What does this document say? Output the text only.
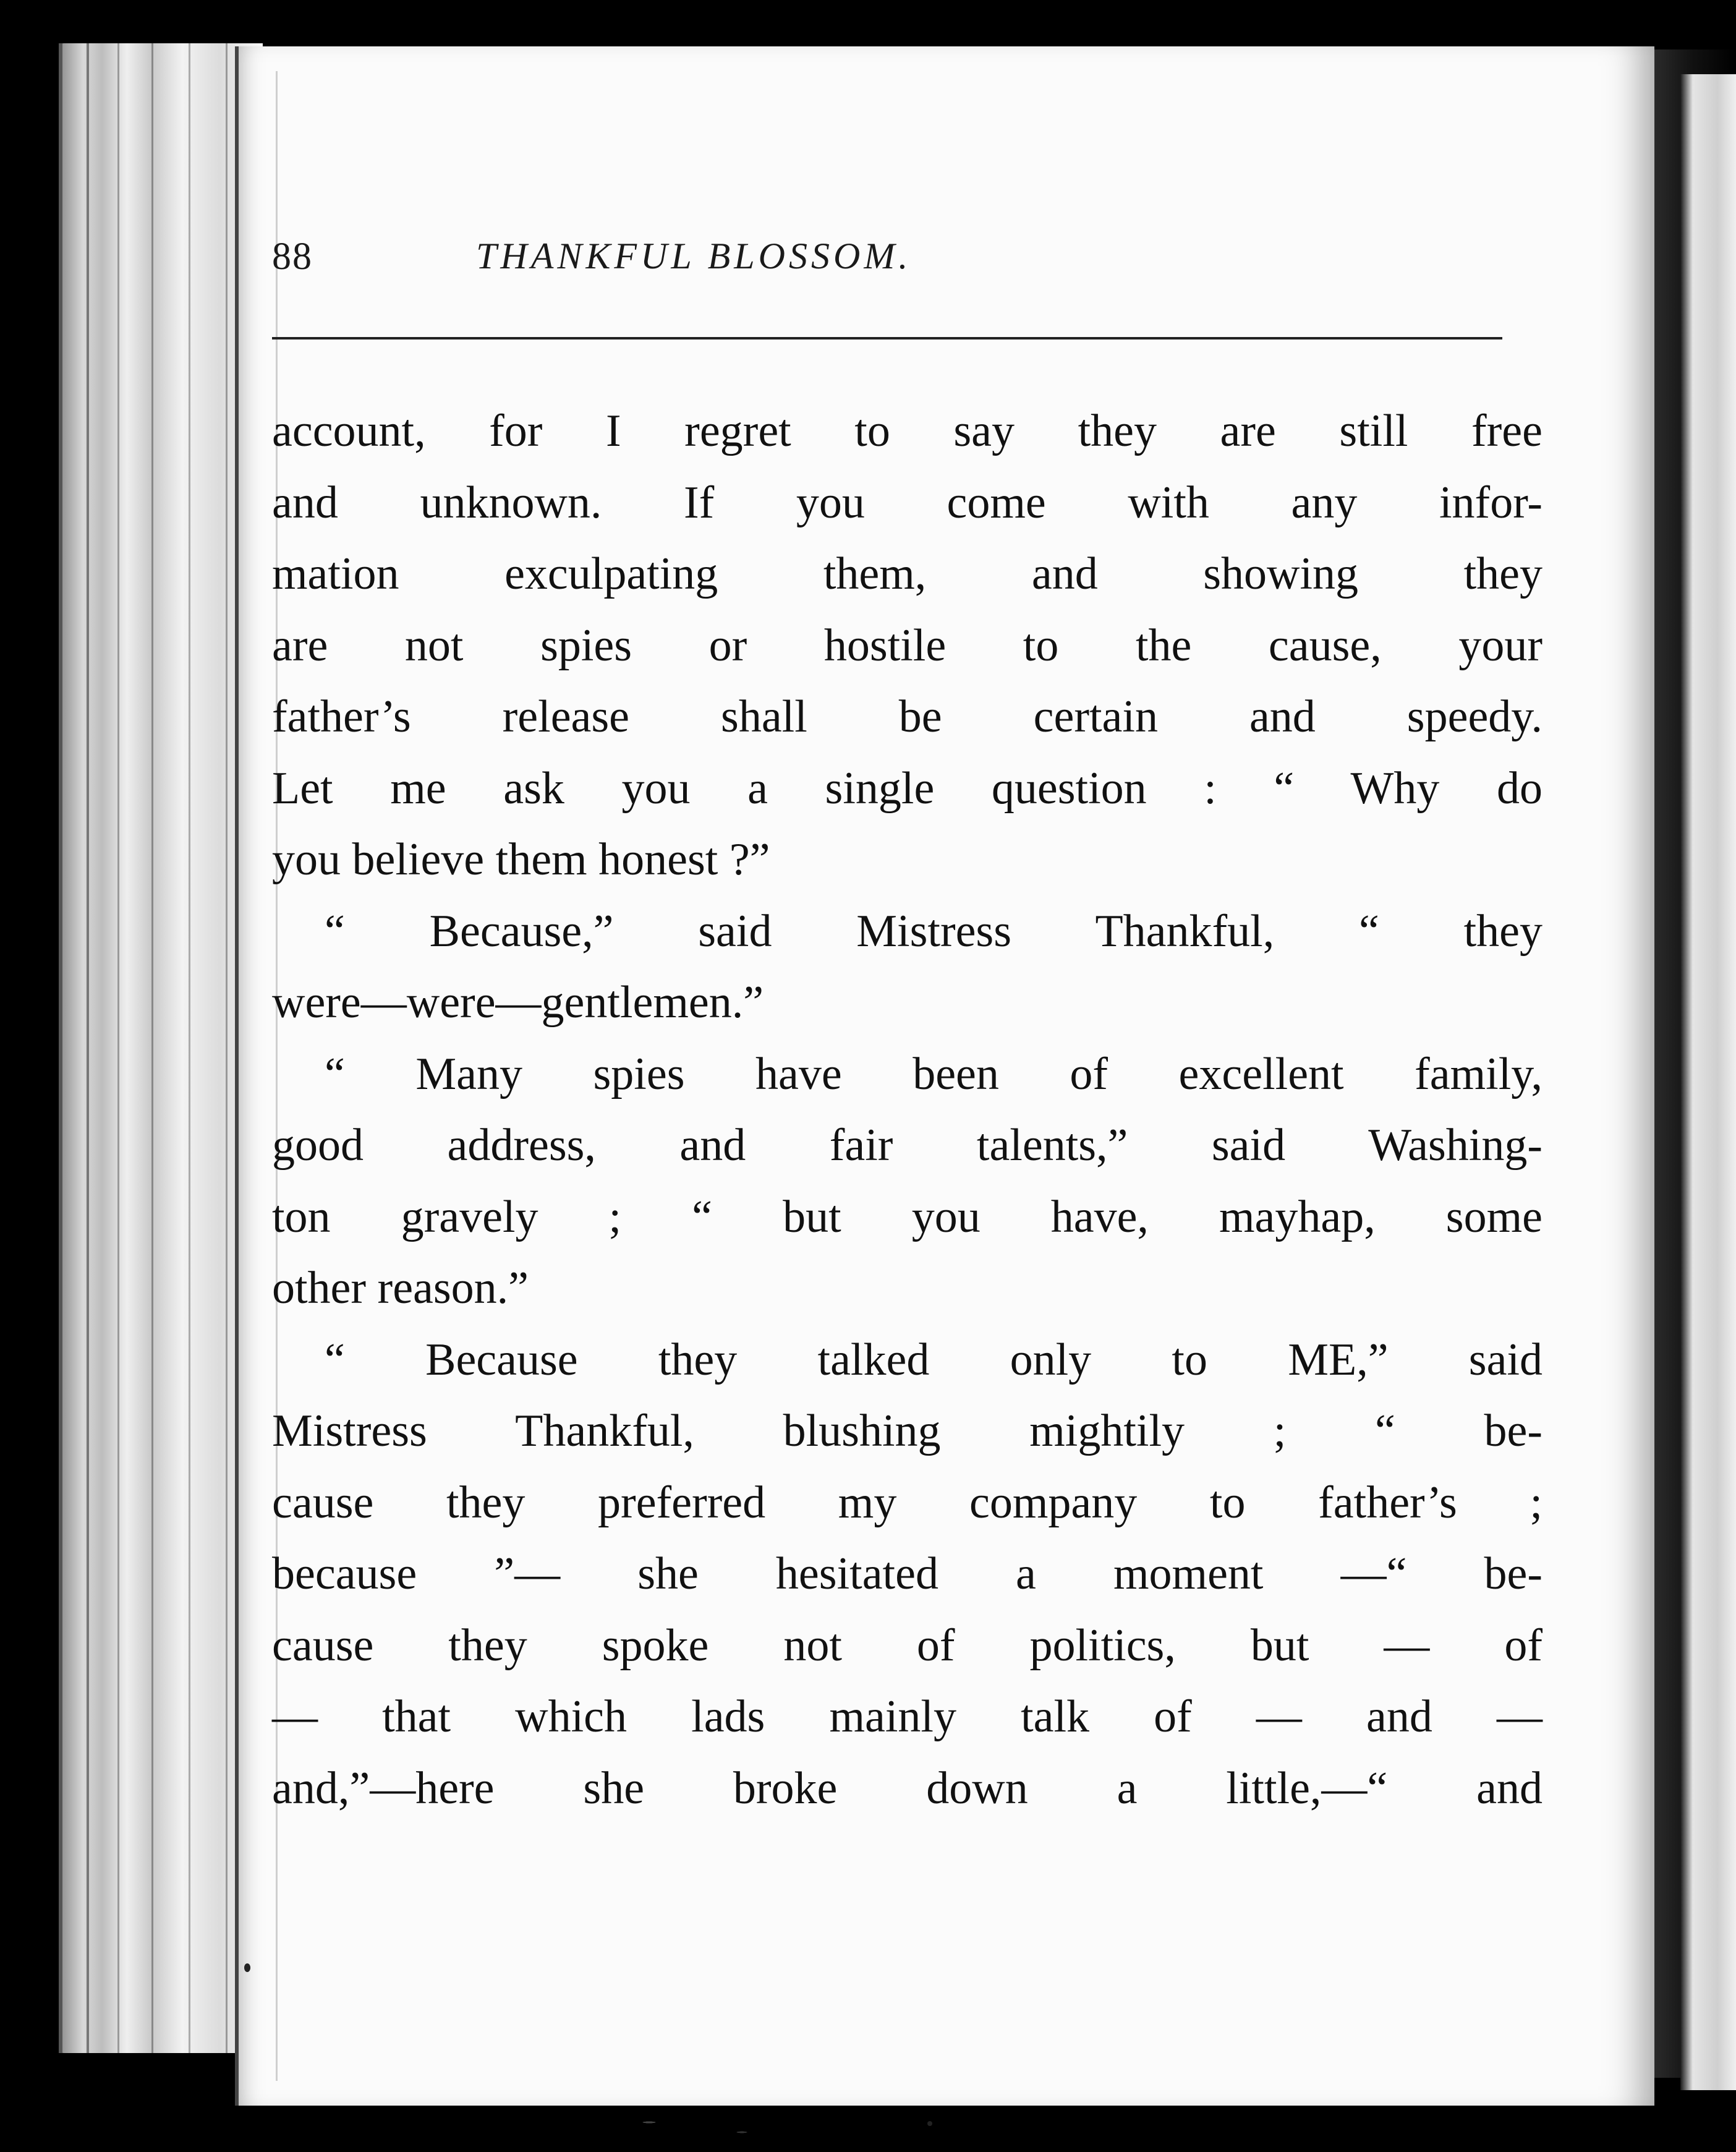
88	THANKFUL BLOSSOM.
account, for I regret to say they are still free
and unknown. If you come with any infor-
mation exculpating them, and showing they
are not spies or hostile to the cause, your
father’s release shall be certain and speedy.
Let me ask you a single question : “ Why do
you believe them honest ?”
“ Because,” said Mistress Thankful, “ they
were—were—gentlemen.”
“ Many spies have been of excellent family,
good address, and fair talents,” said Washing-
ton gravely ; “ but you have, mayhap, some
other reason.”
“ Because they talked only to ME,” said
Mistress Thankful, blushing mightily ; “ be-
cause they preferred my company to father’s ;
because ”— she hesitated a moment —“ be-
cause they spoke not of politics, but — of
— that which lads mainly talk of — and —
and,”—here she broke down a little,—“ and
